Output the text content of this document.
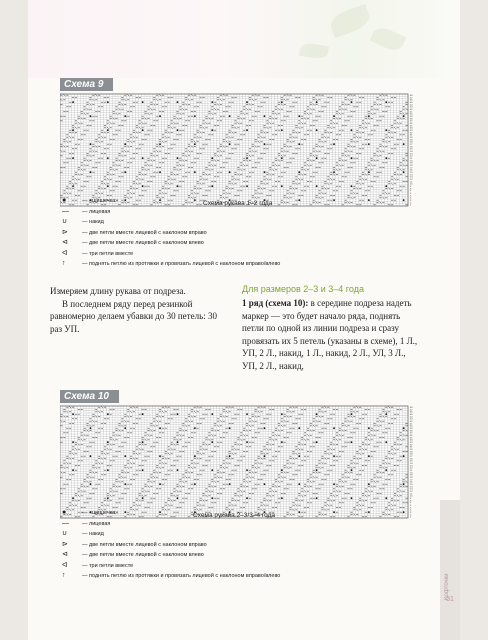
Схема 9
48
47
46
45
44
43
42
41
40
39
38
37
36
35
34
33
32
31
30
29
28
27
26
25
24
23
22
21
20
19
18
17
16
15
14
13
12
11
10
9
8
7
6
5
4
3
2
1
Схема рукава 1–2 года
●	— «шишечка»
— — лицевая
∪	— накид
⊳	— две петли вместе лицевой с наклоном вправо
⊲	— две петли вместе лицевой с наклоном влево
ᐊ	— три петли вместе
↑	— поднять петлю из протяжки и провязать лицевой с наклоном вправо/влево
Измеряем длину рукава от подреза.
В последнем ряду перед резинкой равномерно делаем убавки до 30 петель: 30 раз УП.
Для размеров 2–3 и 3–4 года
1 ряд (схема 10): в середине подреза надеть маркер — это будет начало ряда, поднять петли по одной из линии подреза и сразу провязать их 5 петель (указаны в схеме), 1 Л., УП, 2 Л., накид, 1 Л., накид, 2 Л., УЛ, 3 Л., УП, 2 Л., накид,
Схема 10
48
47
46
45
44
43
42
41
40
39
38
37
36
35
34
33
32
31
30
29
28
27
26
25
24
23
22
21
20
19
18
17
16
15
14
13
12
11
10
9
8
7
6
5
4
3
2
1
Схема рукава 2–3/3–4 года
●	— «шишечка»
— — лицевая
∪	— накид
⊳	— две петли вместе лицевой с наклоном вправо
⊲	— две петли вместе лицевой с наклоном влево
ᐊ	— три петли вместе
↑	— поднять петлю из протяжки и провязать лицевой с наклоном вправо/влево	Кофточки
31
